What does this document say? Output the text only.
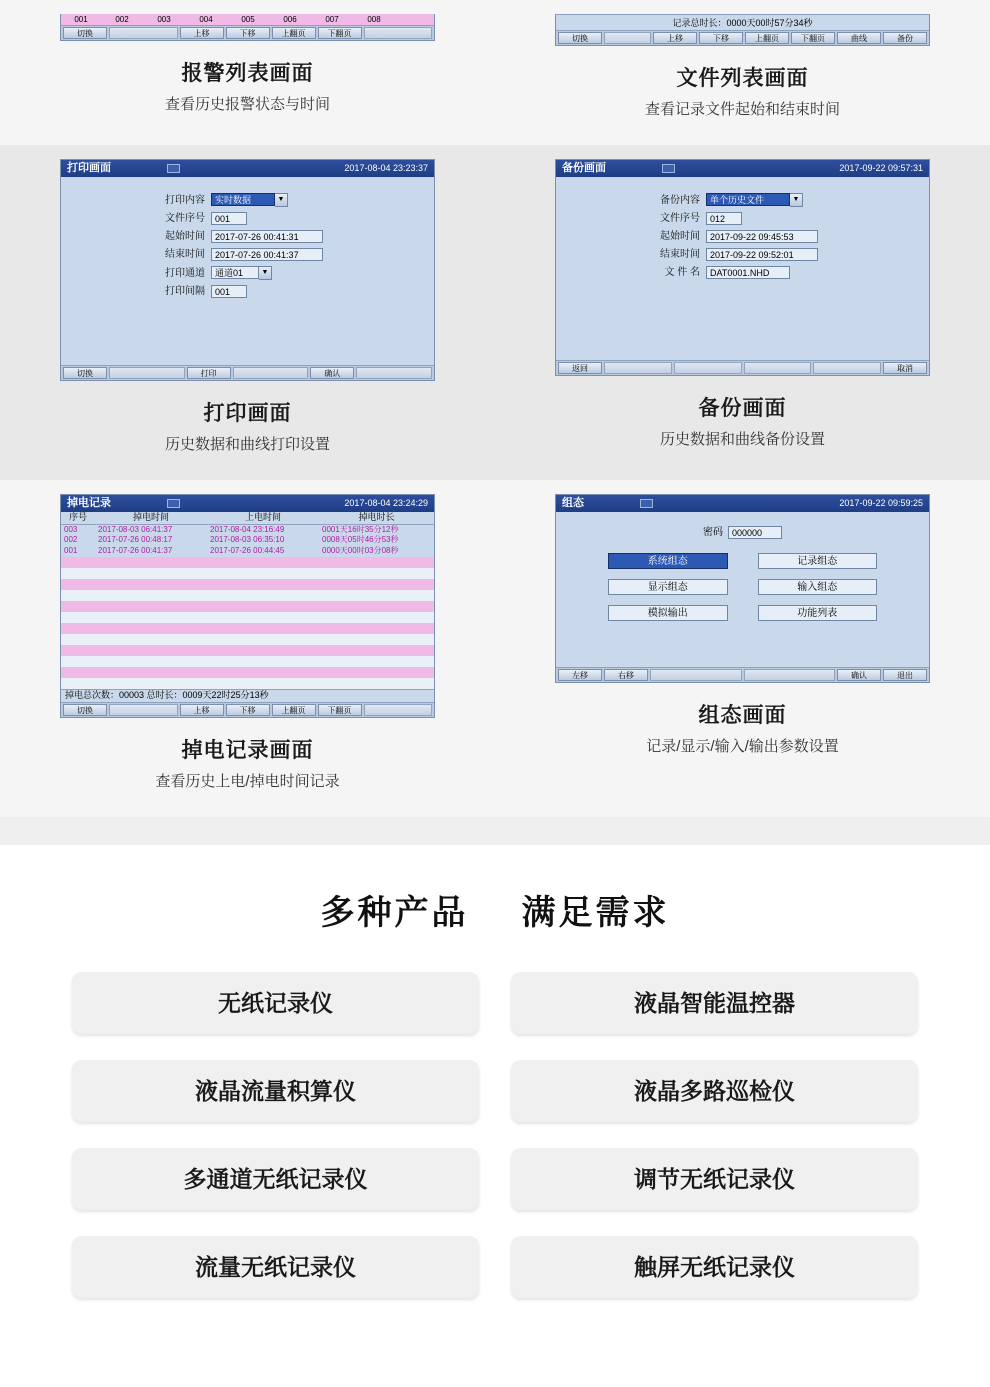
001	002	003	004	005	006	007	008
切换	上移	下移	上翻页	下翻页
报警列表画面
查看历史报警状态与时间
记录总时长：0000天00时57分34秒
切换	上移	下移	上翻页	下翻页	曲线	备份
文件列表画面
查看记录文件起始和结束时间
打印画面	2017-08-04 23:23:37
打印内容	实时数据	▼
文件序号	001
起始时间	2017-07-26 00:41:31
结束时间	2017-07-26 00:41:37
打印通道	通道01	▼
打印间隔	001
切换	打印	确认
打印画面
历史数据和曲线打印设置
备份画面	2017-09-22 09:57:31
备份内容	单个历史文件	▼
文件序号	012
起始时间	2017-09-22 09:45:53
结束时间	2017-09-22 09:52:01
文 件 名	DAT0001.NHD
返回	取消
备份画面
历史数据和曲线备份设置
掉电记录	2017-08-04 23:24:29
序号	掉电时间	上电时间	掉电时长
003	2017-08-03 06:41:37	2017-08-04 23:16:49	0001天16时35分12秒
002	2017-07-26 00:48:17	2017-08-03 06:35:10	0008天05时46分53秒
001	2017-07-26 00:41:37	2017-07-26 00:44:45	0000天00时03分08秒
掉电总次数：00003 总时长：0009天22时25分13秒
切换	上移	下移	上翻页	下翻页
掉电记录画面
查看历史上电/掉电时间记录
组态	2017-09-22 09:59:25
密码	000000
系统组态	记录组态
显示组态	输入组态
模拟输出	功能列表
左移	右移	确认	退出
组态画面
记录/显示/输入/输出参数设置
多种产品 满足需求
无纸记录仪	液晶智能温控器
液晶流量积算仪	液晶多路巡检仪
多通道无纸记录仪	调节无纸记录仪
流量无纸记录仪	触屏无纸记录仪
